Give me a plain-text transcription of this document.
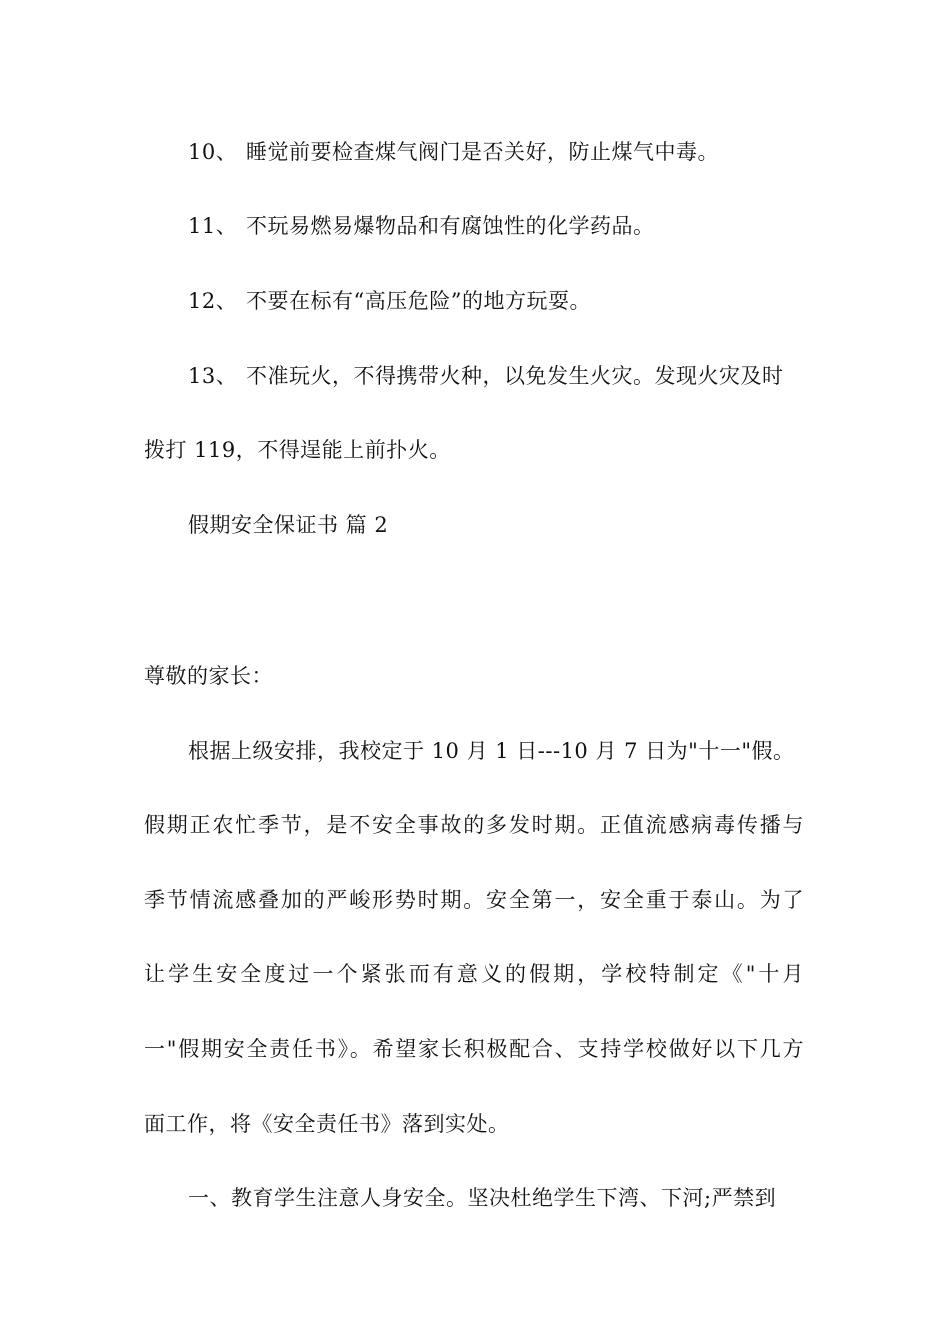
10、 睡觉前要检查煤气阀门是否关好，防止煤气中毒。
11、 不玩易燃易爆物品和有腐蚀性的化学药品。
12、 不要在标有“高压危险”的地方玩耍。
13、 不准玩火，不得携带火种，以免发生火灾。发现火灾及时
拨打 119，不得逞能上前扑火。
假期安全保证书 篇 2
尊敬的家长：
根据上级安排，我校定于 10 月 1 日---10 月 7 日为"十一"假。
假期正农忙季节，是不安全事故的多发时期。正值流感病毒传播与
季节情流感叠加的严峻形势时期。安全第一，安全重于泰山。为了
让学生安全度过一个紧张而有意义的假期，学校特制定《"十月
一"假期安全责任书》。希望家长积极配合、支持学校做好以下几方
面工作，将《安全责任书》落到实处。
一、教育学生注意人身安全。坚决杜绝学生下湾、下河;严禁到
